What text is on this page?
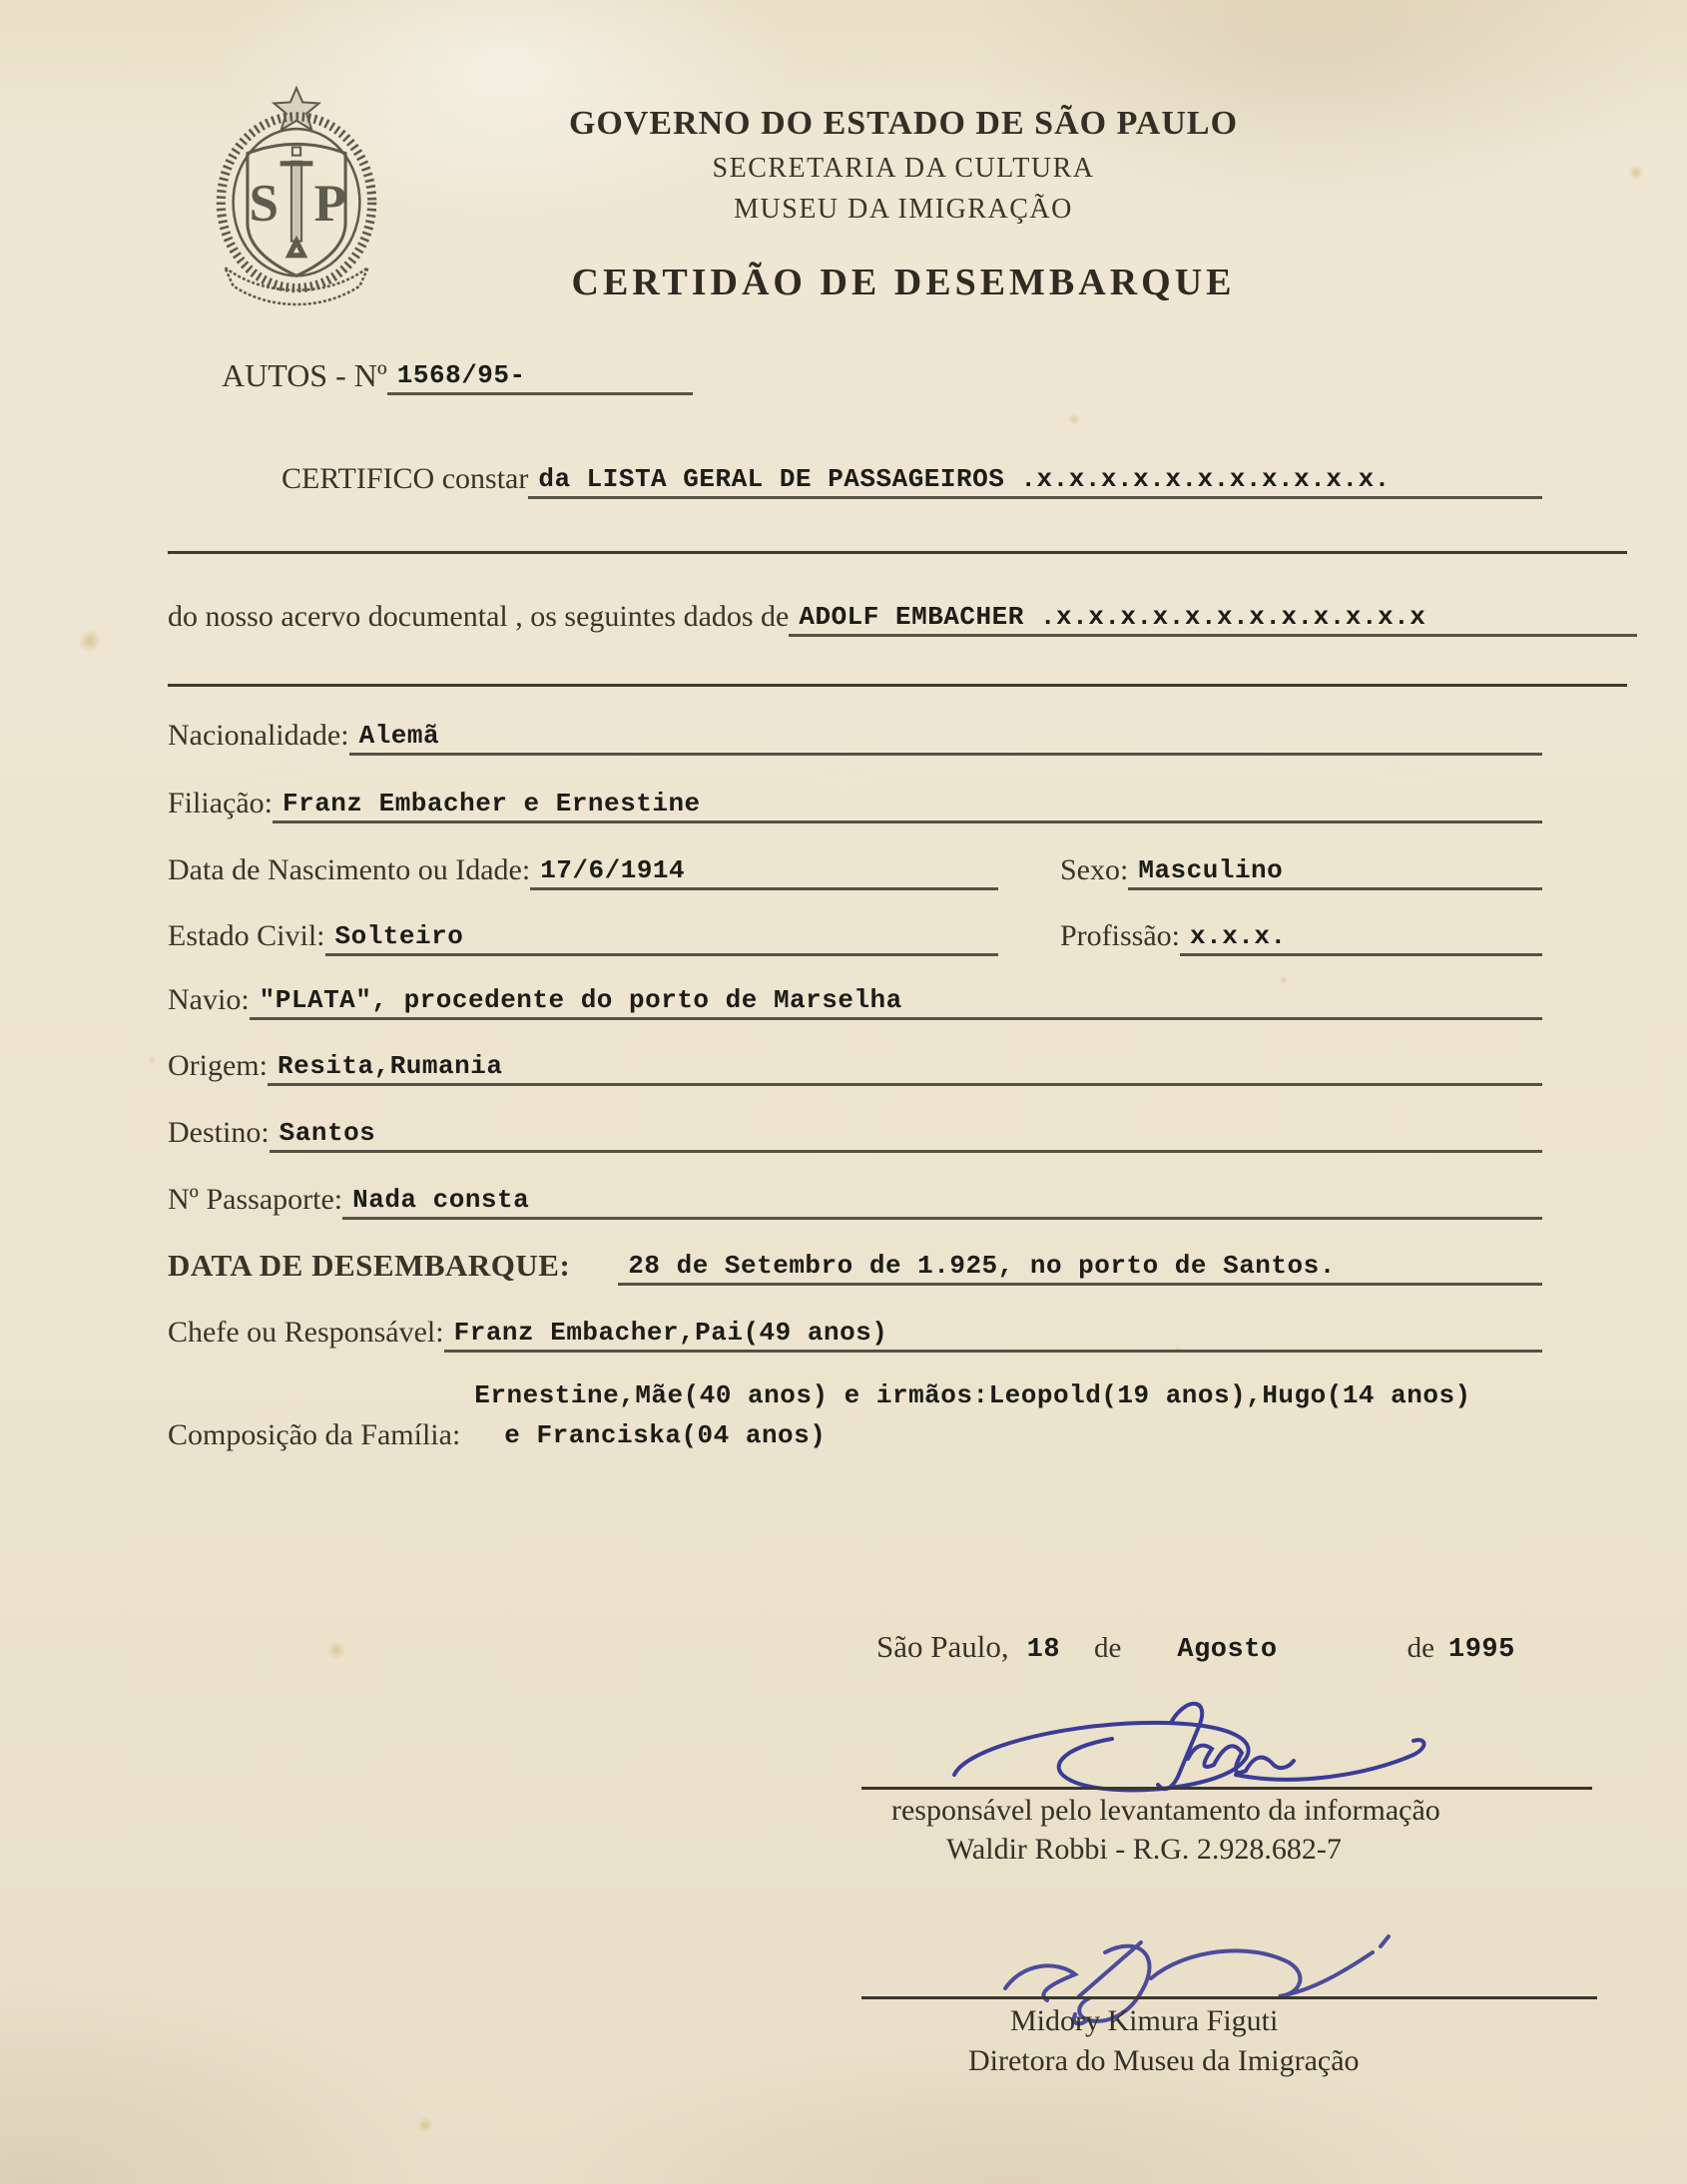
S P
GOVERNO DO ESTADO DE SÃO PAULO
SECRETARIA DA CULTURA
MUSEU DA IMIGRAÇÃO
CERTIDÃO DE DESEMBARQUE
AUTOS - Nº 1568/95-
CERTIFICO constar da LISTA GERAL DE PASSAGEIROS .x.x.x.x.x.x.x.x.x.x.x.
do nosso acervo documental , os seguintes dados de ADOLF EMBACHER .x.x.x.x.x.x.x.x.x.x.x.x
Nacionalidade: Alemã
Filiação: Franz Embacher e Ernestine
Data de Nascimento ou Idade: 17/6/1914	Sexo: Masculino
Estado Civil: Solteiro	Profissão: x.x.x.
Navio: "PLATA", procedente do porto de Marselha
Origem: Resita,Rumania
Destino: Santos
Nº Passaporte: Nada consta
DATA DE DESEMBARQUE:	28 de Setembro de 1.925, no porto de Santos.
Chefe ou Responsável: Franz Embacher,Pai(49 anos)
Composição da Família:
Ernestine,Mãe(40 anos) e irmãos:Leopold(19 anos),Hugo(14 anos)
e Franciska(04 anos)
São Paulo, 18 de Agosto	de 1995
responsável pelo levantamento da informação
Waldir Robbi - R.G. 2.928.682-7
Midory Kimura Figuti
Diretora do Museu da Imigração
